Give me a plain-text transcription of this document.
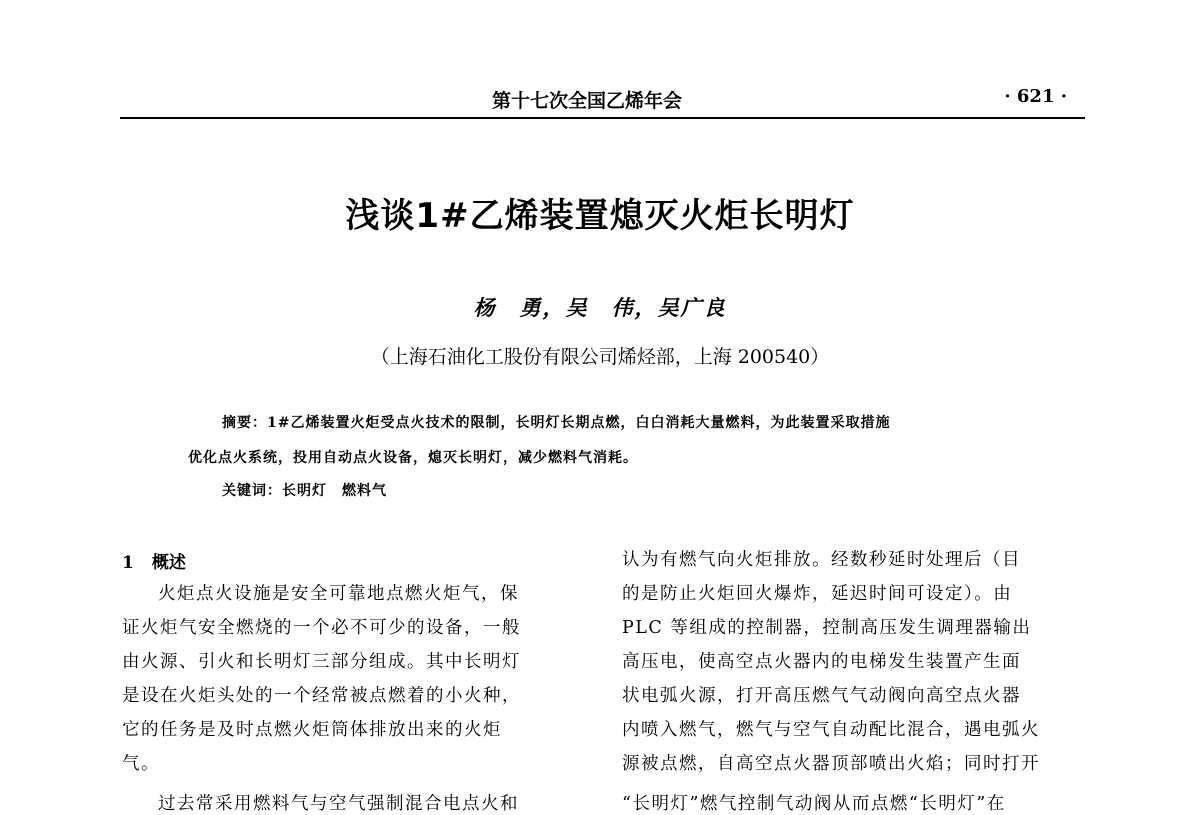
第十七次全国乙烯年会	· 621 ·
浅谈1#乙烯装置熄灭火炬长明灯
杨　勇，吴　伟，吴广良
（上海石油化工股份有限公司烯烃部，上海 200540）
摘要：1#乙烯装置火炬受点火技术的限制，长明灯长期点燃，白白消耗大量燃料，为此装置采取措施
优化点火系统，投用自动点火设备，熄灭长明灯，减少燃料气消耗。
关键词：长明灯　燃料气
1 概述
火炬点火设施是安全可靠地点燃火炬气，保
证火炬气安全燃烧的一个必不可少的设备，一般
由火源、引火和长明灯三部分组成。其中长明灯
是设在火炬头处的一个经常被点燃着的小火种，
它的任务是及时点燃火炬筒体排放出来的火炬
气。
过去常采用燃料气与空气强制混合电点火和
认为有燃气向火炬排放。经数秒延时处理后（目
的是防止火炬回火爆炸，延迟时间可设定）。由
PLC 等组成的控制器，控制高压发生调理器输出
高压电，使高空点火器内的电梯发生装置产生面
状电弧火源，打开高压燃气气动阀向高空点火器
内喷入燃气，燃气与空气自动配比混合，遇电弧火
源被点燃，自高空点火器顶部喷出火焰；同时打开
“长明灯”燃气控制气动阀从而点燃“长明灯”在
